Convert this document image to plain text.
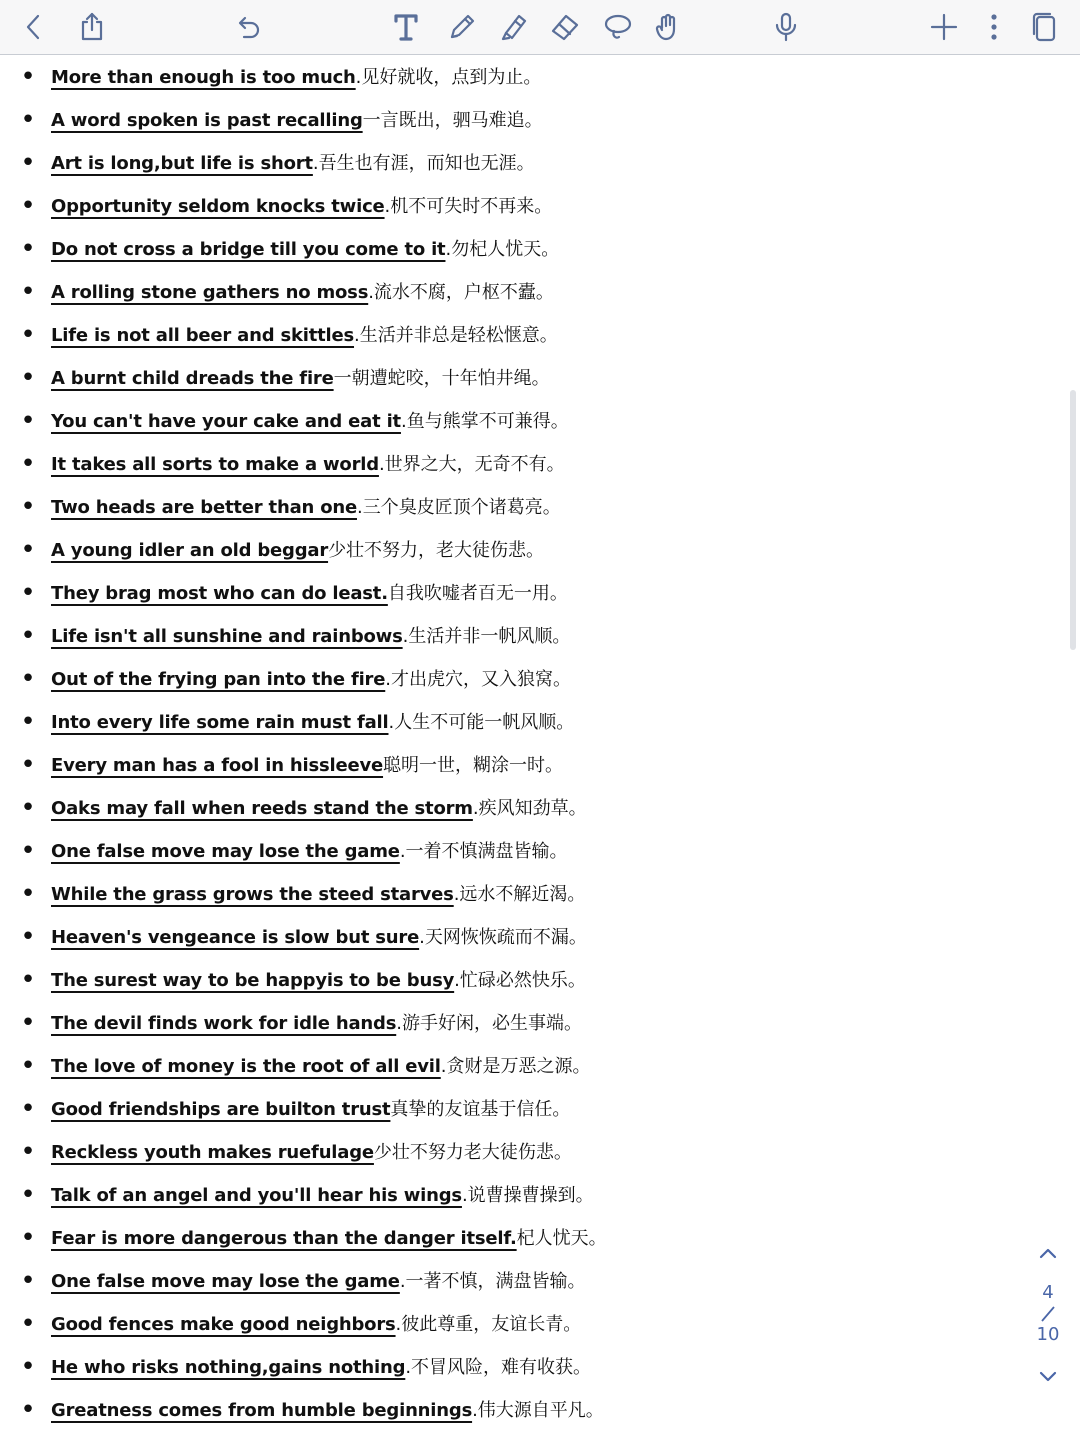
• More than enough is too much.见好就收，点到为止。
• A word spoken is past recalling一言既出，驷马难追。
• Art is long,but life is short.吾生也有涯，而知也无涯。
• Opportunity seldom knocks twice.机不可失时不再来。
• Do not cross a bridge till you come to it.勿杞人忧天。
• A rolling stone gathers no moss.流水不腐，户枢不蠹。
• Life is not all beer and skittles.生活并非总是轻松惬意。
• A burnt child dreads the fire一朝遭蛇咬，十年怕井绳。
• You can't have your cake and eat it.鱼与熊掌不可兼得。
• It takes all sorts to make a world.世界之大，无奇不有。
• Two heads are better than one.三个臭皮匠顶个诸葛亮。
• A young idler an old beggar少壮不努力，老大徒伤悲。
• They brag most who can do least.自我吹嘘者百无一用。
• Life isn't all sunshine and rainbows.生活并非一帆风顺。
• Out of the frying pan into the fire.才出虎穴，又入狼窝。
• Into every life some rain must fall.人生不可能一帆风顺。
• Every man has a fool in hissleeve聪明一世，糊涂一时。
• Oaks may fall when reeds stand the storm.疾风知劲草。
• One false move may lose the game.一着不慎满盘皆输。
• While the grass grows the steed starves.远水不解近渴。
• Heaven's vengeance is slow but sure.天网恢恢疏而不漏。
• The surest way to be happyis to be busy.忙碌必然快乐。
• The devil finds work for idle hands.游手好闲，必生事端。
• The love of money is the root of all evil.贪财是万恶之源。
• Good friendships are builton trust真挚的友谊基于信任。
• Reckless youth makes ruefulage少壮不努力老大徒伤悲。
• Talk of an angel and you'll hear his wings.说曹操曹操到。
• Fear is more dangerous than the danger itself.杞人忧天。
• One false move may lose the game.一著不慎，满盘皆输。
• Good fences make good neighbors.彼此尊重，友谊长青。
• He who risks nothing,gains nothing.不冒风险，难有收获。
• Greatness comes from humble beginnings.伟大源自平凡。
4
10
